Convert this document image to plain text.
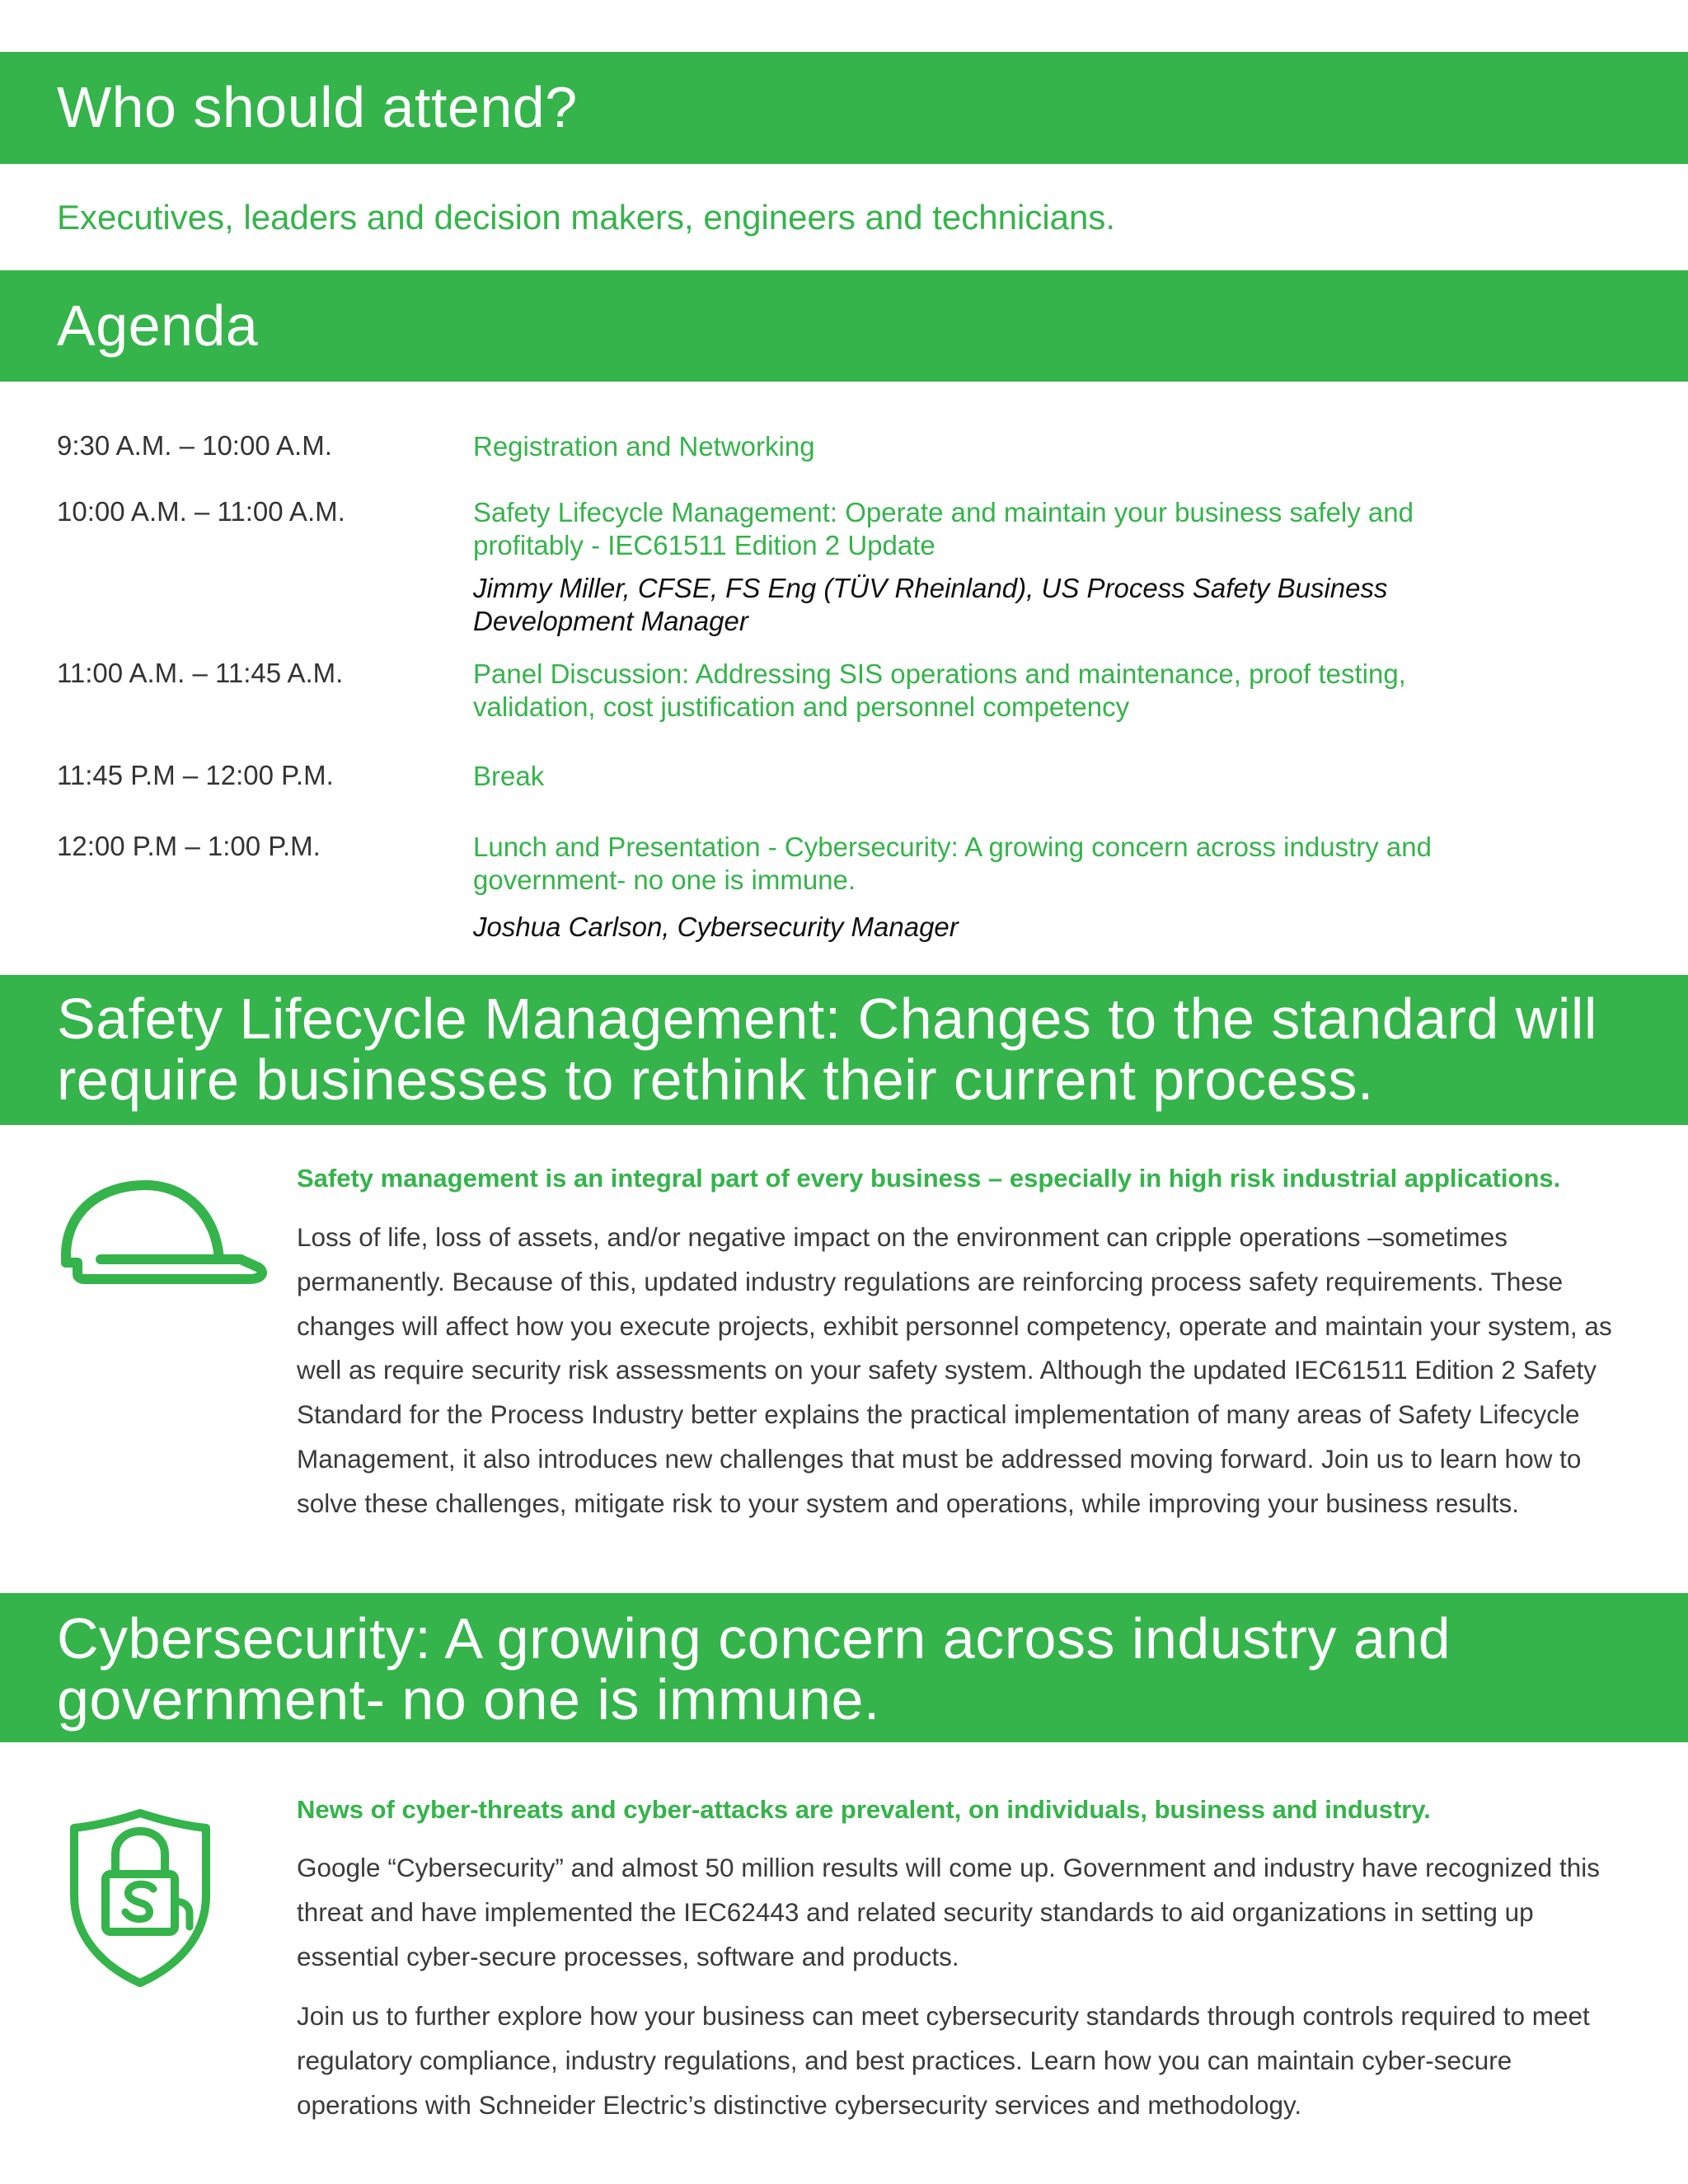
Who should attend?
Executives, leaders and decision makers, engineers and technicians.
Agenda
9:30 A.M. – 10:00 A.M.	Registration and Networking
10:00 A.M. – 11:00 A.M.	Safety Lifecycle Management: Operate and maintain your business safely and profitably - IEC61511 Edition 2 Update
Jimmy Miller, CFSE, FS Eng (TÜV Rheinland), US Process Safety Business Development Manager
11:00 A.M. – 11:45 A.M.	Panel Discussion: Addressing SIS operations and maintenance, proof testing, validation, cost justification and personnel competency
11:45 P.M – 12:00 P.M.	Break
12:00 P.M – 1:00 P.M.	Lunch and Presentation - Cybersecurity: A growing concern across industry and government- no one is immune.
Joshua Carlson, Cybersecurity Manager
Safety Lifecycle Management: Changes to the standard will require businesses to rethink their current process.
Safety management is an integral part of every business – especially in high risk industrial applications.
Loss of life, loss of assets, and/or negative impact on the environment can cripple operations –sometimes permanently. Because of this, updated industry regulations are reinforcing process safety requirements. These changes will affect how you execute projects, exhibit personnel competency, operate and maintain your system, as well as require security risk assessments on your safety system. Although the updated IEC61511 Edition 2 Safety Standard for the Process Industry better explains the practical implementation of many areas of Safety Lifecycle Management, it also introduces new challenges that must be addressed moving forward. Join us to learn how to solve these challenges, mitigate risk to your system and operations, while improving your business results.
Cybersecurity: A growing concern across industry and government- no one is immune.
News of cyber-threats and cyber-attacks are prevalent, on individuals, business and industry.
Google “Cybersecurity” and almost 50 million results will come up. Government and industry have recognized this threat and have implemented the IEC62443 and related security standards to aid organizations in setting up essential cyber-secure processes, software and products.
Join us to further explore how your business can meet cybersecurity standards through controls required to meet regulatory compliance, industry regulations, and best practices. Learn how you can maintain cyber-secure operations with Schneider Electric’s distinctive cybersecurity services and methodology.
